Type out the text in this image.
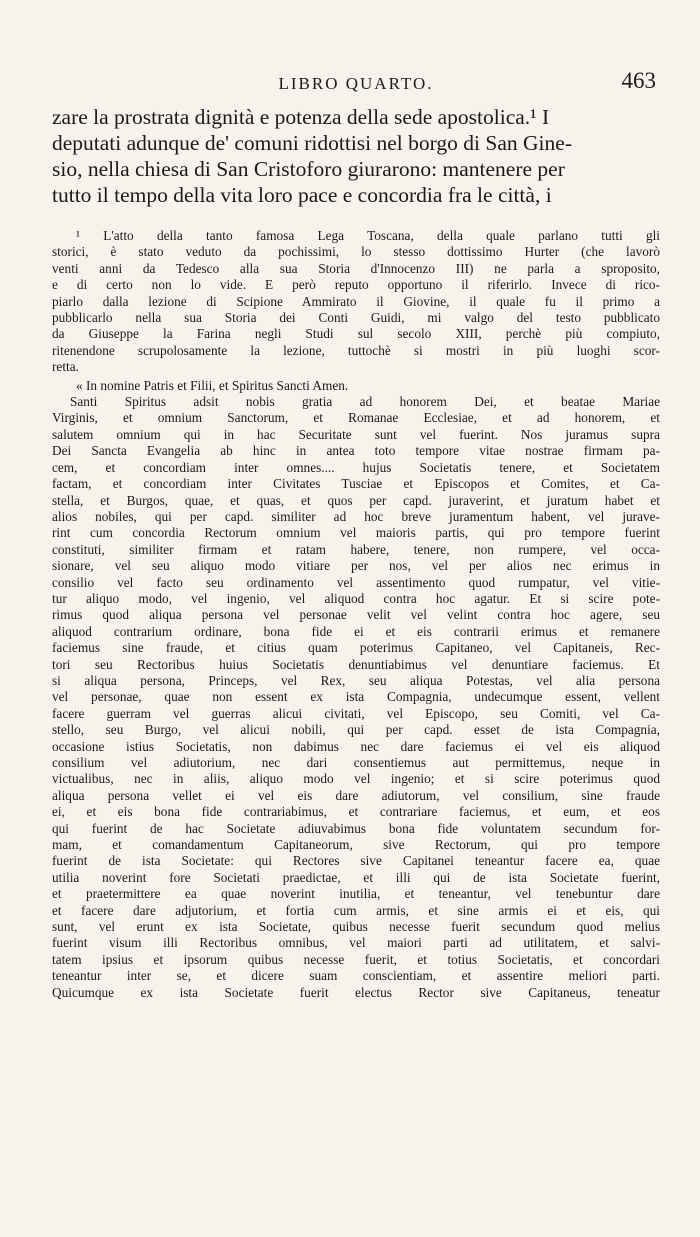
LIBRO QUARTO.	463
zare la prostrata dignità e potenza della sede apostolica.¹ I
deputati adunque de' comuni ridottisi nel borgo di San Gine-
sio, nella chiesa di San Cristoforo giurarono: mantenere per
tutto il tempo della vita loro pace e concordia fra le città, i
¹ L'atto della tanto famosa Lega Toscana, della quale parlano tutti gli
storici, è stato veduto da pochissimi, lo stesso dottissimo Hurter (che lavorò
venti anni da Tedesco alla sua Storia d'Innocenzo III) ne parla a sproposito,
e di certo non lo vide. E però reputo opportuno il riferirlo. Invece di rico-
piarlo dalla lezione di Scipione Ammirato il Giovine, il quale fu il primo a
pubblicarlo nella sua Storia dei Conti Guidi, mi valgo del testo pubblicato
da Giuseppe la Farina negli Studi sul secolo XIII, perchè più compiuto,
ritenendone scrupolosamente la lezione, tuttochè si mostri in più luoghi scor-
retta.
« In nomine Patris et Filii, et Spiritus Sancti Amen.
Santi Spiritus adsit nobis gratia ad honorem Dei, et beatae Mariae
Virginis, et omnium Sanctorum, et Romanae Ecclesiae, et ad honorem, et
salutem omnium qui in hac Securitate sunt vel fuerint. Nos juramus supra
Dei Sancta Evangelia ab hinc in antea toto tempore vitae nostrae firmam pa-
cem, et concordiam inter omnes.... hujus Societatis tenere, et Societatem
factam, et concordiam inter Civitates Tusciae et Episcopos et Comites, et Ca-
stella, et Burgos, quae, et quas, et quos per capd. juraverint, et juratum habet et
alios nobiles, qui per capd. similiter ad hoc breve juramentum habent, vel jurave-
rint cum concordia Rectorum omnium vel maioris partis, qui pro tempore fuerint
constituti, similiter firmam et ratam habere, tenere, non rumpere, vel occa-
sionare, vel seu aliquo modo vitiare per nos, vel per alios nec erimus in
consilio vel facto seu ordinamento vel assentimento quod rumpatur, vel vitie-
tur aliquo modo, vel ingenio, vel aliquod contra hoc agatur. Et si scire pote-
rimus quod aliqua persona vel personae velit vel velint contra hoc agere, seu
aliquod contrarium ordinare, bona fide ei et eis contrarii erimus et remanere
faciemus sine fraude, et citius quam poterimus Capitaneo, vel Capitaneis, Rec-
tori seu Rectoribus huius Societatis denuntiabimus vel denuntiare faciemus. Et
si aliqua persona, Princeps, vel Rex, seu aliqua Potestas, vel alia persona
vel personae, quae non essent ex ista Compagnia, undecumque essent, vellent
facere guerram vel guerras alicui civitati, vel Episcopo, seu Comiti, vel Ca-
stello, seu Burgo, vel alicui nobili, qui per capd. esset de ista Compagnia,
occasione istius Societatis, non dabimus nec dare faciemus ei vel eis aliquod
consilium vel adiutorium, nec dari consentiemus aut permittemus, neque in
victualibus, nec in aliis, aliquo modo vel ingenio; et si scire poterimus quod
aliqua persona vellet ei vel eis dare adiutorum, vel consilium, sine fraude
ei, et eis bona fide contrariabimus, et contrariare faciemus, et eum, et eos
qui fuerint de hac Societate adiuvabimus bona fide voluntatem secundum for-
mam, et comandamentum Capitaneorum, sive Rectorum, qui pro tempore
fuerint de ista Societate: qui Rectores sive Capitanei teneantur facere ea, quae
utilia noverint fore Societati praedictae, et illi qui de ista Societate fuerint,
et praetermittere ea quae noverint inutilia, et teneantur, vel tenebuntur dare
et facere dare adjutorium, et fortia cum armis, et sine armis ei et eis, qui
sunt, vel erunt ex ista Societate, quibus necesse fuerit secundum quod melius
fuerint visum illi Rectoribus omnibus, vel maiori parti ad utilitatem, et salvi-
tatem ipsius et ipsorum quibus necesse fuerit, et totius Societatis, et concordari
teneantur inter se, et dicere suam conscientiam, et assentire meliori parti.
Quicumque ex ista Societate fuerit electus Rector sive Capitaneus, teneatur
